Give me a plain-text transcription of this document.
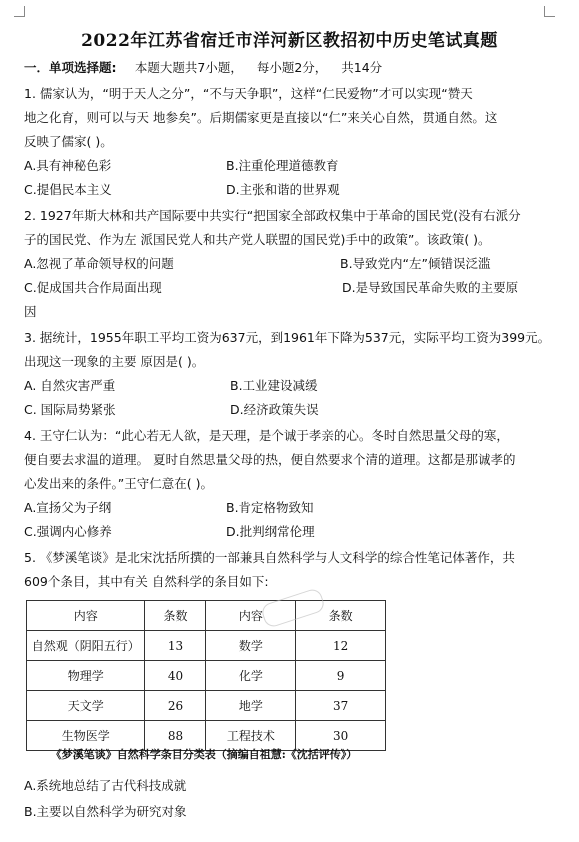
2022年江苏省宿迁市洋河新区教招初中历史笔试真题
一．单项选择题: 本题大题共7小题， 每小题2分， 共14分
1. 儒家认为，“明于天人之分”，“不与天争职”，这样“仁民爱物”才可以实现“赞天
地之化育，则可以与天 地参矣”。后期儒家更是直接以“仁”来关心自然，贯通自然。这
反映了儒家( )。
A.具有神秘色彩	B.注重伦理道德教育
C.提倡民本主义	D.主张和谐的世界观
2. 1927年斯大林和共产国际要中共实行“把国家全部政权集中于革命的国民党(没有右派分
子的国民党、作为左 派国民党人和共产党人联盟的国民党)手中的政策”。该政策( )。
A.忽视了革命领导权的问题	B.导致党内“左”倾错误泛滥
C.促成国共合作局面出现	D.是导致国民革命失败的主要原
因
3. 据统计，1955年职工平均工资为637元，到1961年下降为537元，实际平均工资为399元。
出现这一现象的主要 原因是( )。
A. 自然灾害严重	B.工业建设减缓
C. 国际局势紧张	D.经济政策失误
4. 王守仁认为：“此心若无人欲，是天理，是个诚于孝亲的心。冬时自然思量父母的寒，
便自要去求温的道理。 夏时自然思量父母的热，便自然要求个清的道理。这都是那诚孝的
心发出来的条件。”王守仁意在( )。
A.宣扬父为子纲	B.肯定格物致知
C.强调内心修养	D.批判纲常伦理
5. 《梦溪笔谈》是北宋沈括所撰的一部兼具自然科学与人文科学的综合性笔记体著作，共
609个条目，其中有关 自然科学的条目如下:
内容	条数	内容	条数
自然观（阴阳五行）	13	数学	12
物理学	40	化学	9
天文学	26	地学	37
生物医学	88	工程技术	30
《梦溪笔谈》自然科学条目分类表（摘编自祖慧:《沈括评传》）
A.系统地总结了古代科技成就
B.主要以自然科学为研究对象
